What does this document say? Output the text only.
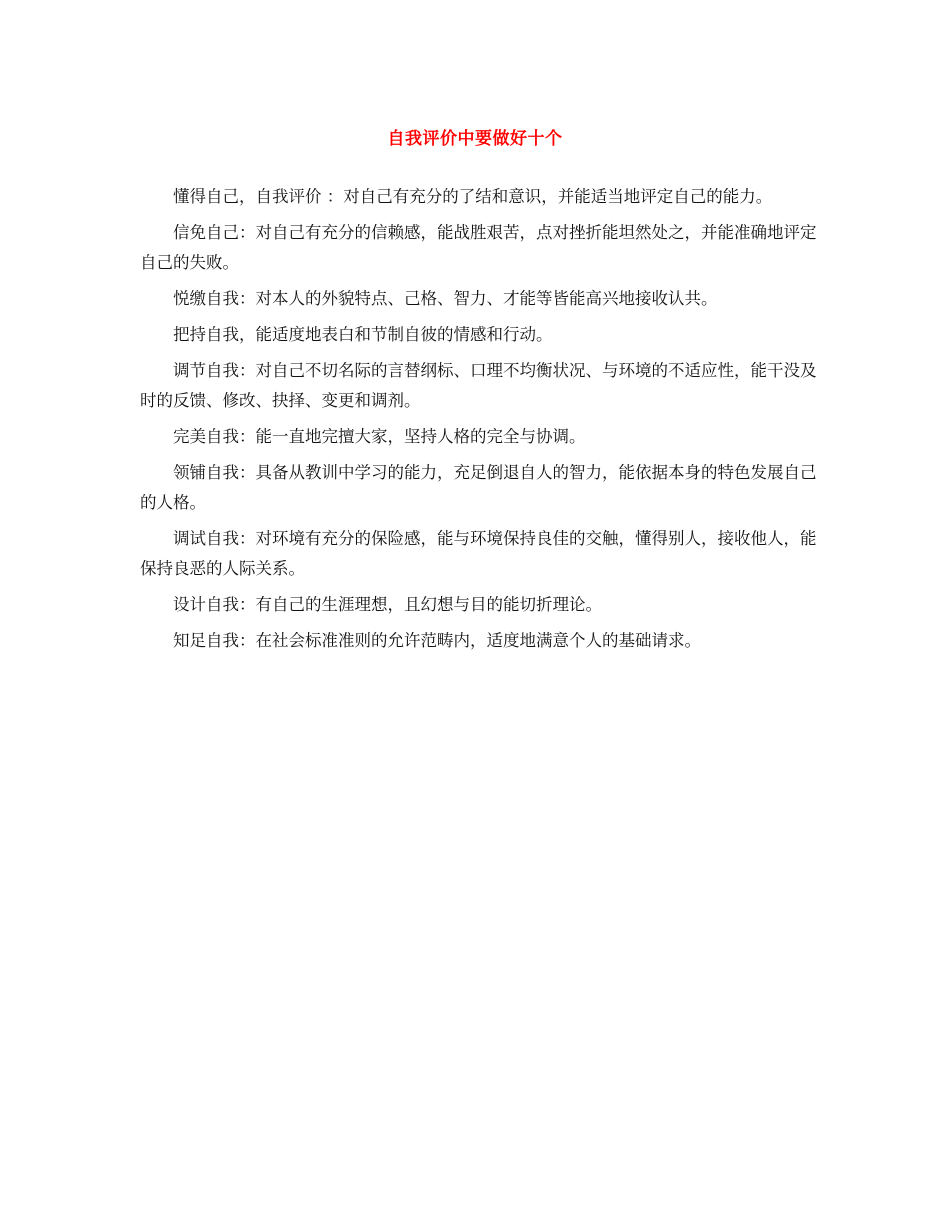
自我评价中要做好十个

懂得自己，自我评价 ：对自己有充分的了结和意识，并能适当地评定自己的能力。

信免自己：对自己有充分的信赖感，能战胜艰苦，点对挫折能坦然处之，并能准确地评定自己的失败。

悦缴自我：对本人的外貌特点、己格、智力、才能等皆能高兴地接收认共。

把持自我，能适度地表白和节制自彼的情感和行动。

调节自我：对自己不切名际的言替纲标、口理不均衡状况、与环境的不适应性，能干没及时的反馈、修改、抉择、变更和调剂。

完美自我：能一直地完擅大家，坚持人格的完全与协调。

领铺自我：具备从教训中学习的能力，充足倒退自人的智力，能依据本身的特色发展自己的人格。

调试自我：对环境有充分的保险感，能与环境保持良佳的交触，懂得别人，接收他人，能保持良恶的人际关系。

设计自我：有自己的生涯理想，且幻想与目的能切折理论。

知足自我：在社会标准准则的允许范畴内，适度地满意个人的基础请求。
